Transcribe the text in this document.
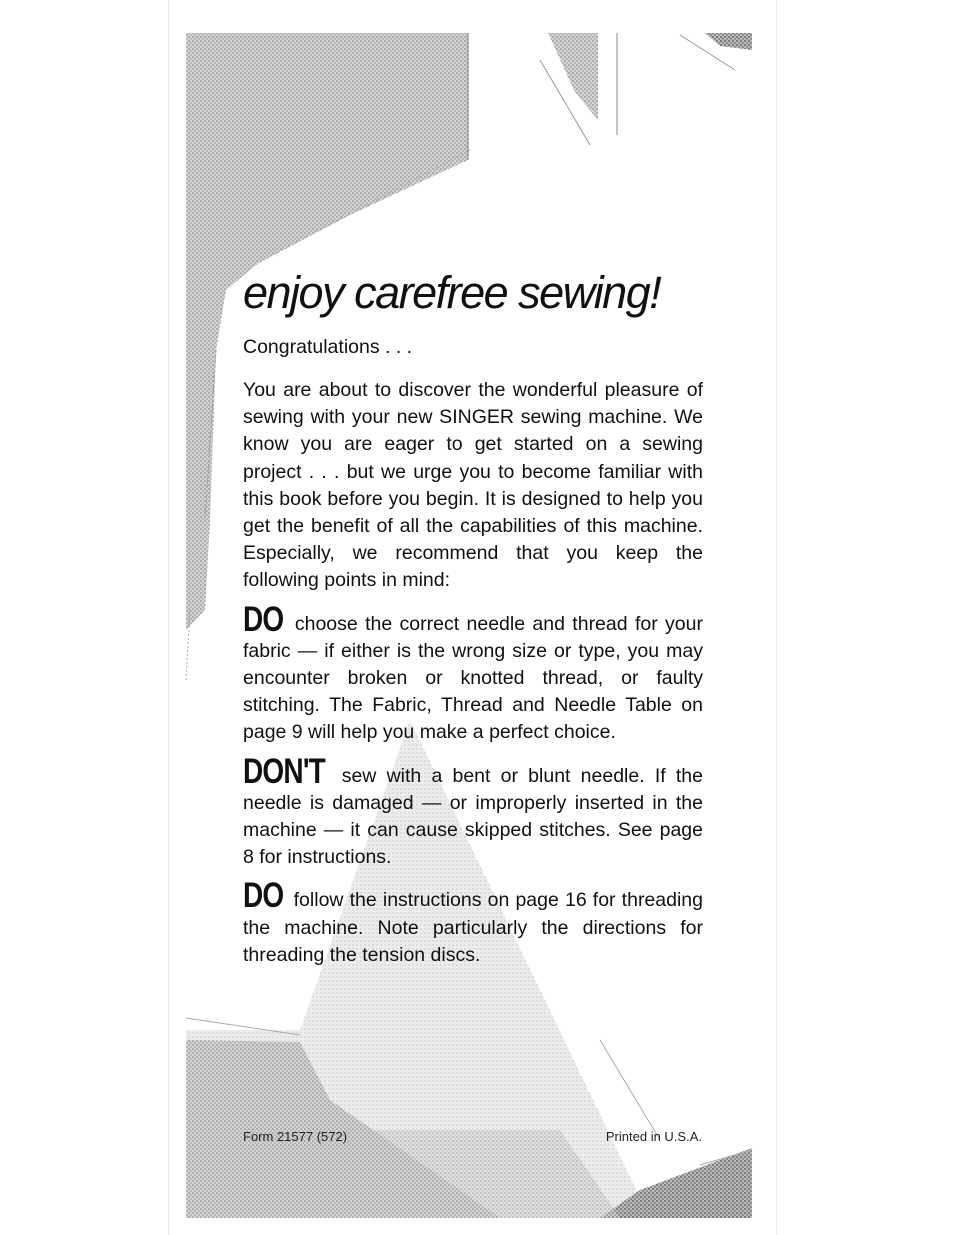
enjoy carefree sewing!

Congratulations . . .

You are about to discover the wonderful pleasure of sewing with your new SINGER sewing machine. We know you are eager to get started on a sewing project . . . but we urge you to become familiar with this book before you begin. It is designed to help you get the benefit of all the capabilities of this machine. Especially, we recommend that you keep the following points in mind:

DO choose the correct needle and thread for your fabric — if either is the wrong size or type, you may encounter broken or knotted thread, or faulty stitching. The Fabric, Thread and Needle Table on page 9 will help you make a perfect choice.

DON'T sew with a bent or blunt needle. If the needle is damaged — or improperly inserted in the machine — it can cause skipped stitches. See page 8 for instructions.

DO follow the instructions on page 16 for threading the machine. Note particularly the directions for threading the tension discs.

Form 21577 (572)	Printed in U.S.A.
